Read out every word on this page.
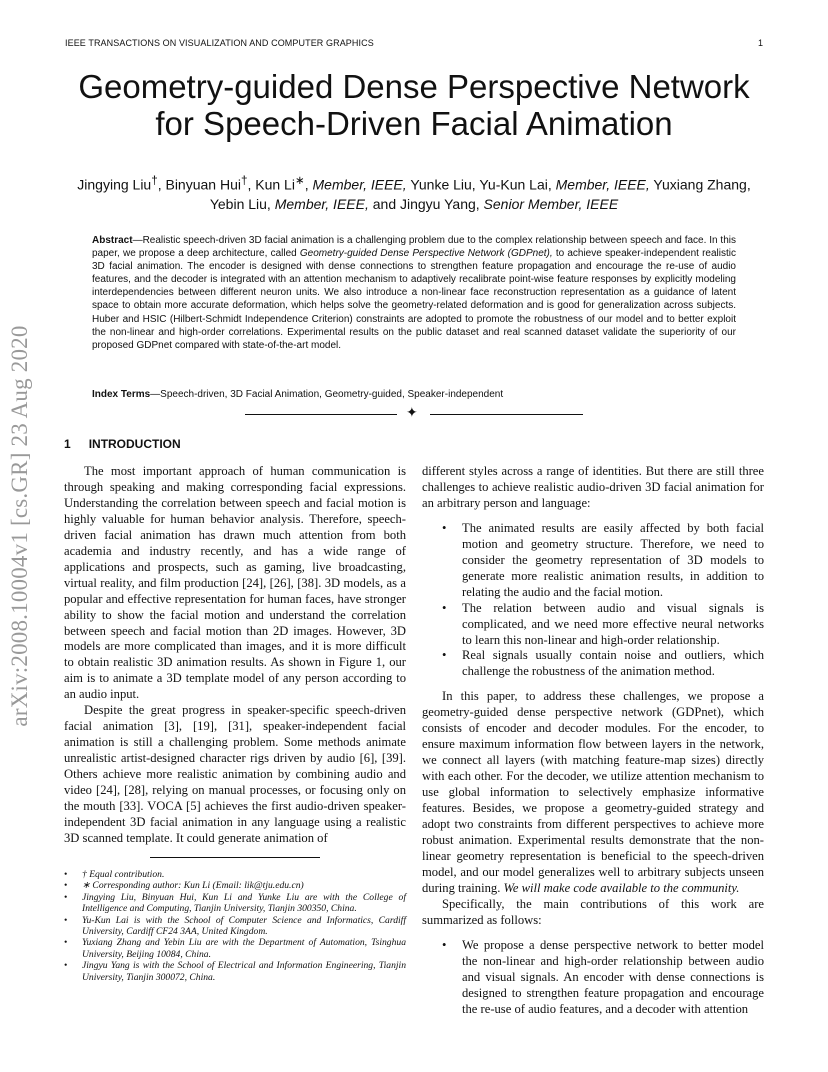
IEEE TRANSACTIONS ON VISUALIZATION AND COMPUTER GRAPHICS	1
Geometry-guided Dense Perspective Network
for Speech-Driven Facial Animation
Jingying Liu†, Binyuan Hui†, Kun Li∗, Member, IEEE, Yunke Liu, Yu-Kun Lai, Member, IEEE, Yuxiang Zhang, Yebin Liu, Member, IEEE, and Jingyu Yang, Senior Member, IEEE

Abstract—Realistic speech-driven 3D facial animation is a challenging problem due to the complex relationship between speech and face. In this paper, we propose a deep architecture, called Geometry-guided Dense Perspective Network (GDPnet), to achieve speaker-independent realistic 3D facial animation. The encoder is designed with dense connections to strengthen feature propagation and encourage the re-use of audio features, and the decoder is integrated with an attention mechanism to adaptively recalibrate point-wise feature responses by explicitly modeling interdependencies between different neuron units. We also introduce a non-linear face reconstruction representation as a guidance of latent space to obtain more accurate deformation, which helps solve the geometry-related deformation and is good for generalization across subjects. Huber and HSIC (Hilbert-Schmidt Independence Criterion) constraints are adopted to promote the robustness of our model and to better exploit the non-linear and high-order correlations. Experimental results on the public dataset and real scanned dataset validate the superiority of our proposed GDPnet compared with state-of-the-art model.

Index Terms—Speech-driven, 3D Facial Animation, Geometry-guided, Speaker-independent
✦
arXiv:2008.10004v1 [cs.GR] 23 Aug 2020	1 INTRODUCTION

The most important approach of human communication is through speaking and making corresponding facial expressions. Understanding the correlation between speech and facial motion is highly valuable for human behavior analysis. Therefore, speech-driven facial animation has drawn much attention from both academia and industry recently, and has a wide range of applications and prospects, such as gaming, live broadcasting, virtual reality, and film production [24], [26], [38]. 3D models, as a popular and effective representation for human faces, have stronger ability to show the facial motion and understand the correlation between speech and facial motion than 2D images. However, 3D models are more complicated than images, and it is more difficult to obtain realistic 3D animation results. As shown in Figure 1, our aim is to animate a 3D template model of any person according to an audio input.

Despite the great progress in speaker-specific speech-driven facial animation [3], [19], [31], speaker-independent facial animation is still a challenging problem. Some methods animate unrealistic artist-designed character rigs driven by audio [6], [39]. Others achieve more realistic animation by combining audio and video [24], [28], relying on manual processes, or focusing only on the mouth [33]. VOCA [5] achieves the first audio-driven speaker-independent 3D facial animation in any language using a realistic 3D scanned template. It could generate animation of

• † Equal contribution.
• ∗ Corresponding author: Kun Li (Email: lik@tju.edu.cn)
• Jingying Liu, Binyuan Hui, Kun Li and Yunke Liu are with the College of Intelligence and Computing, Tianjin University, Tianjin 300350, China.
• Yu-Kun Lai is with the School of Computer Science and Informatics, Cardiff University, Cardiff CF24 3AA, United Kingdom.
• Yuxiang Zhang and Yebin Liu are with the Department of Automation, Tsinghua University, Beijing 10084, China.
• Jingyu Yang is with the School of Electrical and Information Engineering, Tianjin University, Tianjin 300072, China.

different styles across a range of identities. But there are still three challenges to achieve realistic audio-driven 3D facial animation for an arbitrary person and language:

• The animated results are easily affected by both facial motion and geometry structure. Therefore, we need to consider the geometry representation of 3D models to generate more realistic animation results, in addition to relating the audio and the facial motion.
• The relation between audio and visual signals is complicated, and we need more effective neural networks to learn this non-linear and high-order relationship.
• Real signals usually contain noise and outliers, which challenge the robustness of the animation method.

In this paper, to address these challenges, we propose a geometry-guided dense perspective network (GDPnet), which consists of encoder and decoder modules. For the encoder, to ensure maximum information flow between layers in the network, we connect all layers (with matching feature-map sizes) directly with each other. For the decoder, we utilize attention mechanism to use global information to selectively emphasize informative features. Besides, we propose a geometry-guided strategy and adopt two constraints from different perspectives to achieve more robust animation. Experimental results demonstrate that the non-linear geometry representation is beneficial to the speech-driven model, and our model generalizes well to arbitrary subjects unseen during training. We will make code available to the community.

Specifically, the main contributions of this work are summarized as follows:

• We propose a dense perspective network to better model the non-linear and high-order relationship between audio and visual signals. An encoder with dense connections is designed to strengthen feature propagation and encourage the re-use of audio features, and a decoder with attention
